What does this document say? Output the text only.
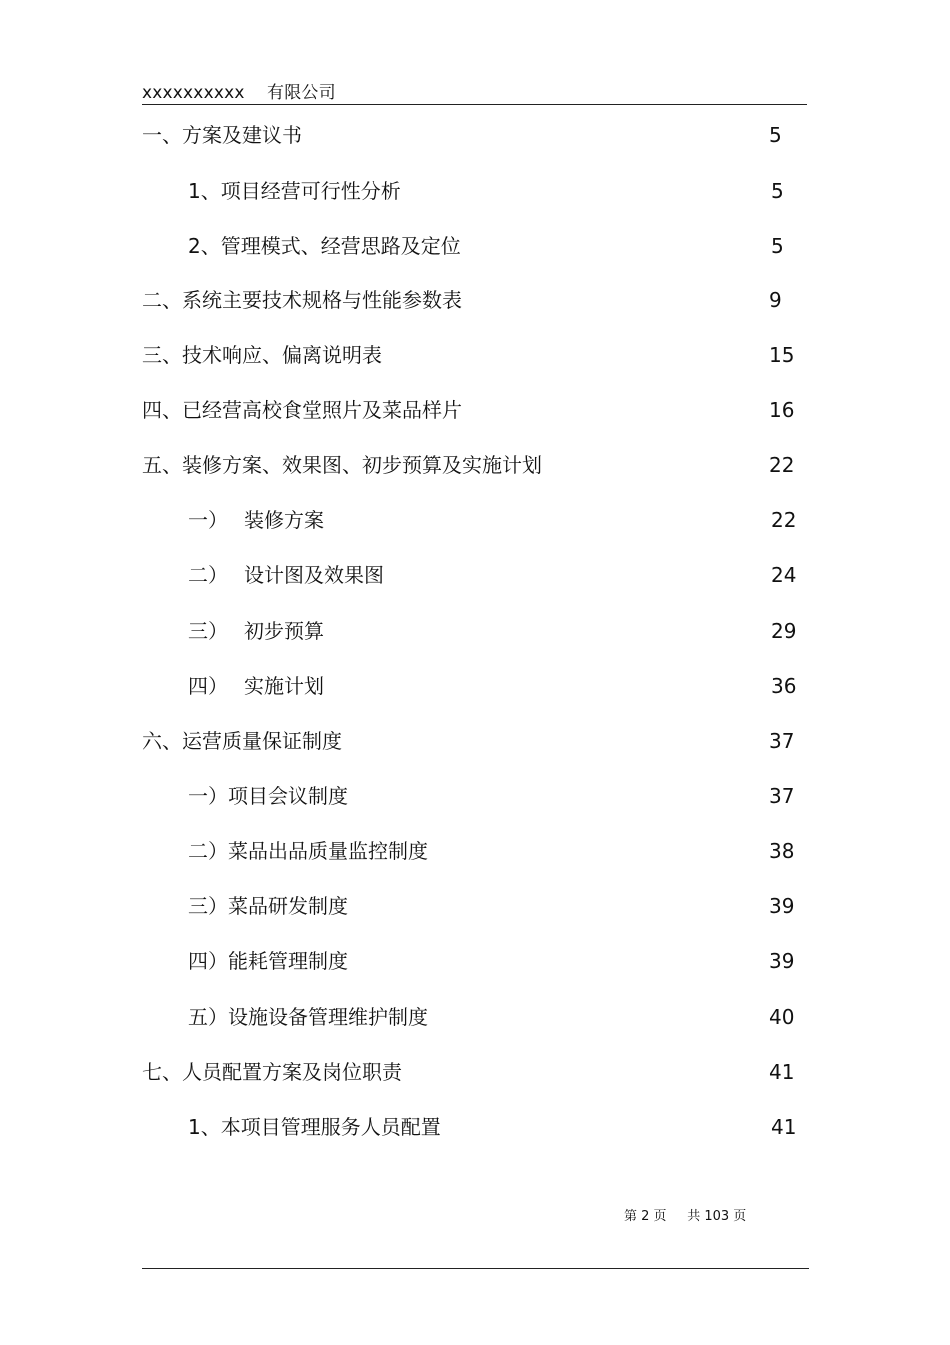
xxxxxxxxxx    有限公司
一、方案及建议书	5
1、项目经营可行性分析	5
2、管理模式、经营思路及定位	5
二、系统主要技术规格与性能参数表	9
三、技术响应、偏离说明表	15
四、已经营高校食堂照片及菜品样片	16
五、装修方案、效果图、初步预算及实施计划	22
一） 装修方案	22
二） 设计图及效果图	24
三） 初步预算	29
四） 实施计划	36
六、运营质量保证制度	37
一）项目会议制度	37
二）菜品出品质量监控制度	38
三）菜品研发制度	39
四）能耗管理制度	39
五）设施设备管理维护制度	40
七、人员配置方案及岗位职责	41
1、本项目管理服务人员配置	41
第 2 页     共 103 页
